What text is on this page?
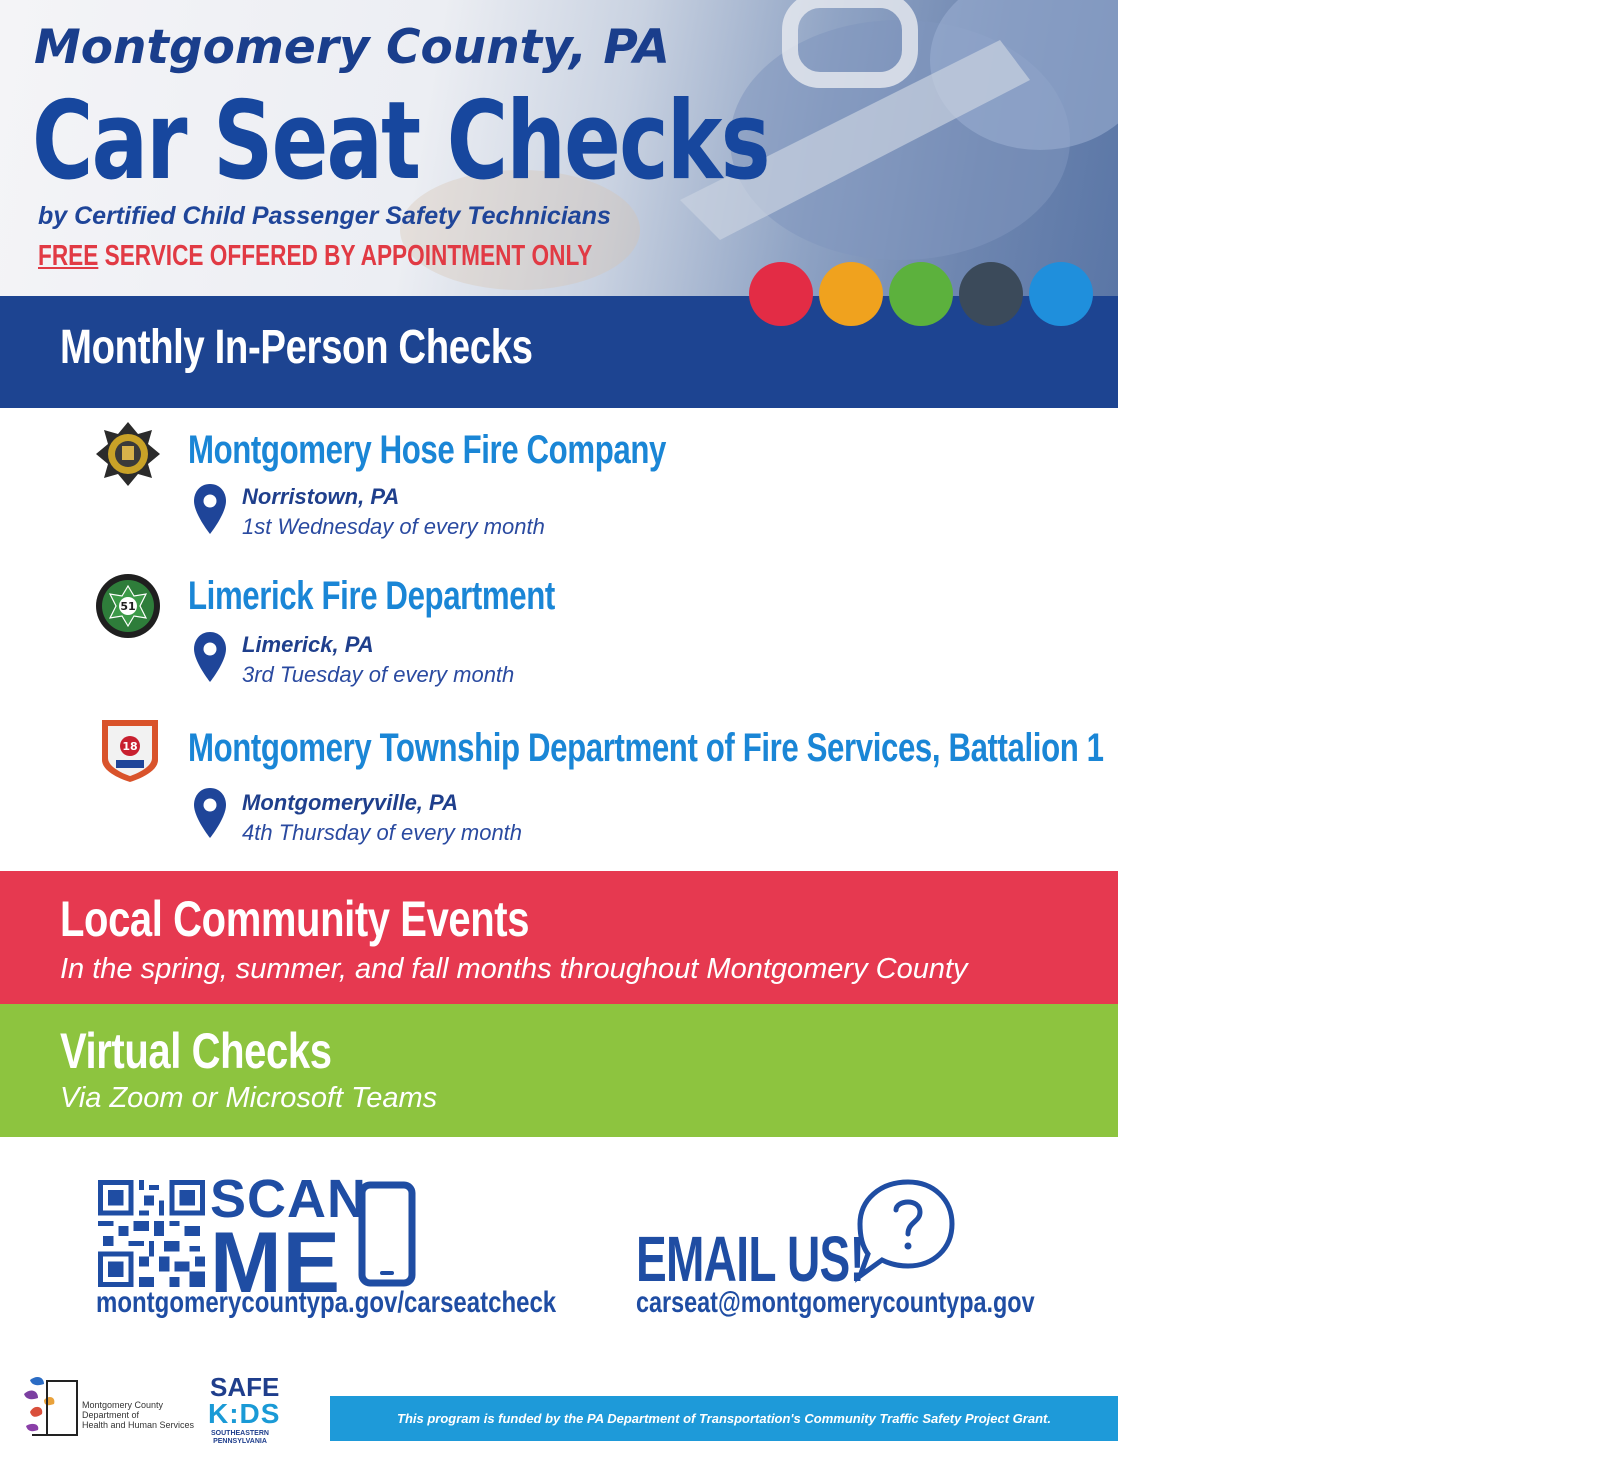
Montgomery County, PA
Car Seat Checks
by Certified Child Passenger Safety Technicians
FREE SERVICE OFFERED BY APPOINTMENT ONLY
Monthly In-Person Checks
Montgomery Hose Fire Company
Norristown, PA
1st Wednesday of every month
51 Limerick Fire Department
Limerick, PA
3rd Tuesday of every month
18 Montgomery Township Department of Fire Services, Battalion 1
Montgomeryville, PA
4th Thursday of every month
Local Community Events
In the spring, summer, and fall months throughout Montgomery County
Virtual Checks
Via Zoom or Microsoft Teams
SCAN
ME
montgomerycountypa.gov/carseatcheck
EMAIL US!
carseat@montgomerycountypa.gov
Montgomery County
Department of
Health and Human Services
SAFE
K:DS
SOUTHEASTERN
PENNSYLVANIA
This program is funded by the PA Department of Transportation's Community Traffic Safety Project Grant.
